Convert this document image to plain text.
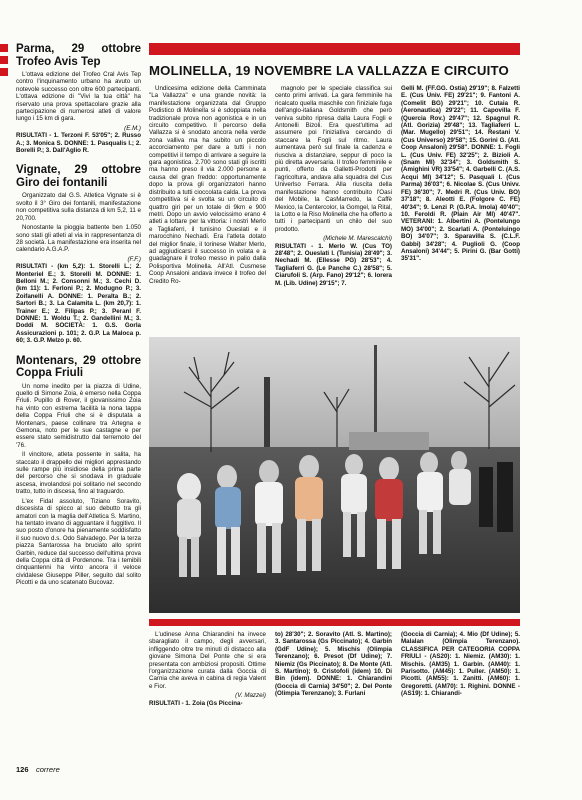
MOLINELLA, 19 NOVEMBRE LA VALLAZZA E CIRCUITO
Parma, 29 ottobre Trofeo Avis Tep

L'ottava edizione del Trofeo Cral Avis Tep contro l'inquinamento urbano ha avuto un notevole successo con oltre 600 partecipanti. L'ottava edizione di "Vivi la tua città" ha riservato una prova spettacolare grazie alla partecipazione di numerosi atleti di valore lungo i 15 km di gara.

(E.M.)

RISULTATI - 1. Terzoni F. 53'05"; 2. Russo A.; 3. Monica S. DONNE: 1. Pasqualis I.; 2. Borelli P.; 3. Dall'Aglio R.

Vignate, 29 ottobre Giro dei fontanili

Organizzato dal G.S. Atletica Vignate si è svolto il 3° Giro dei fontanili, manifestazione non competitiva sulla distanza di km 5,2, 11 e 20,700.

Nonostante la pioggia battente ben 1.050 sono stati gli atleti al via in rappresentanza di 28 società. La manifestazione era inserita nel calendario A.G.A.P.

(F.F.)

RISULTATI - (km 5,2): 1. Storelli L.; 2. Monteriel E.; 3. Storelli M. DONNE: 1. Belloni M.; 2. Consonni M.; 3. Cechi D. (km 11): 1. Ferloni P.; 2. Modugno P.; 3. Zoifanelli A. DONNE: 1. Peralta B.; 2. Sartori B.; 3. La Calamita L. (km 20,7): 1. Trainer E.; 2. Filipas P.; 3. Peranl F. DONNE: 1. Woldu T.; 2. Gandellini M.; 3. Doddi M. SOCIETÀ: 1. G.S. Gorla Assicurazioni p. 101; 2. G.P. La Maloca p. 60; 3. G.P. Melzo p. 60.

Montenars, 29 ottobre Coppa Friuli

Un nome inedito per la piazza di Udine, quello di Simone Zoia, è emerso nella Coppa Friuli. Pupillo di Rover, il giovanissimo Zoia ha vinto con estrema facilità la nona tappa della Coppa Friuli che si è disputata a Montenars, paese collinare tra Artegna e Gemona, noto per le sue castagne e per essere stato semidistrutto dal terremoto del '76.

Il vincitore, atleta possente in salita, ha staccato il drappello dei migliori apprestando sulle rampe più insidiose della prima parte del percorso che si snodava in graduale ascesa, involandosi poi solitario nel secondo tratto, tutto in discesa, fino al traguardo.

L'ex Fidal assoluto, Tiziano Soravito, discesista di spicco al suo debutto tra gli amatori con la maglia dell'Atletica S. Martino, ha tentato invano di agguantare il fuggitivo. Il suo posto d'onore ha pienamente soddisfatto il suo nuovo d.s. Odo Salvadego. Per la terza piazza Santarossa ha bruciato allo sprint Garbin, reduce dal successo dell'ultima prova della Coppa città di Pordenone. Tra i temibili cinquantenni ha vinto ancora il veloce cividalese Giuseppe Piller, seguito dal solito Picotti e da uno scatenato Bucovaz.

Undicesima edizione della Camminata "La Vallazza" e una grande novità: la manifestazione organizzata dal Gruppo Podistico di Molinella si è sdoppiata nella tradizionale prova non agonistica e in un circuito competitivo. Il percorso della Vallazza si è snodato ancora nella verde zona valliva ma ha subito un piccolo accorciamento per dare a tutti i non competitivi il tempo di arrivare a seguire la gara agonistica. 2.700 sono stati gli iscritti ma hanno preso il via 2.000 persone a causa del gran freddo: opportunamente dopo la prova gli organizzatori hanno distribuito a tutti cioccolata calda. La prova competitiva si è svolta su un circuito di quattro giri per un totale di 9km e 900 metri. Dopo un avvio velocissimo erano 4 atleti a lottare per la vittoria: i nostri Merlo e Tagliaferri, il tunisino Oueslati e il marocchino Nechadi. Era l'atleta dotato del miglior finale, il torinese Walter Merlo, ad aggiudicarsi il successo in volata e a guadagnare il trofeo messo in palio dalla Polisportiva Molinella. All'Atl. Cusmese Coop Ansaloni andava invece il trofeo del Credito Ro-

magnolo per le speciale classifica sui cento primi arrivati. La gara femminile ha ricalcato quella maschile con l'iniziale fuga dell'anglo-italiana Goldsmith che però veniva subito ripresa dalla Laura Fogli e Antonelli Bizoli. Era quest'ultima ad assumere poi l'iniziativa cercando di staccare la Fogli sul ritmo. Laura aumentava però sul finale la cadenza e riusciva a distanziare, seppur di poco la più diretta avversaria. Il trofeo femminile e punti, offerto da Galletti-Prodotti per l'agricoltura, andava alla squadra del Cus Univerlso Ferrara. Alla riuscita della manifestazione hanno contribuito l'Oasi del Mobile, la CasMarredo, la Caffè Mexico, la Centercolor, la Gomgel, la Rital, la Lotto e la Riso Molinella che ha offerto a tutti i partecipanti un chilo del suo prodotto.

(Michele M. Marescalchi)

RISULTATI - 1. Merlo W. (Cus TO) 28'48"; 2. Oueslati I. (Tunisia) 28'49"; 3. Nechadi M. (Ellesse PG) 28'53"; 4. Tagliaferri G. (Le Panche C.) 28'58"; 5. Ciarufoli S. (Arp. Fano) 29'12"; 6. Iorera M. (Lib. Udine) 29'15"; 7.

Gelli M. (FF.GG. Ostia) 29'19"; 8. Falzetti E. (Cus Univ. FE) 29'21"; 9. Fantoni A. (Comelit BG) 29'21"; 10. Cutaia R. (Aeronautica) 29'22"; 11. Capovilla F. (Quercia Rov.) 29'47"; 12. Spagnul R. (Atl. Gorizia) 29'48"; 13. Tagliaferri L. (Mar. Mugello) 29'51"; 14. Restani V. (Cus Universo) 29'58"; 15. Gorini G. (Atl. Coop Ansaloni) 29'58". DONNE: 1. Fogli L. (Cus Univ. FE) 32'25"; 2. Bizioli A. (Snam MI) 32'34"; 3. Goldsmith S. (Amighini VR) 33'54"; 4. Garbelli C. (A.S. Acqui MI) 34'12"; 5. Pasquali I. (Cus Parma) 36'03"; 6. Nicolae S. (Cus Univv. FE) 36'30"; 7. Medri R. (Cus Univ. BO) 37'18"; 8. Aleotti E. (Folgore C. FE) 40'34"; 9. Lenzi P. (G.P.A. Imola) 40'40"; 10. Feroldi R. (Plain Air MI) 40'47". VETERANI: 1. Albertini A. (Pontelungo MO) 34'00"; 2. Scarlati A. (Ponteluingo BO) 34'07"; 3. Sparavilla S. (C.L.F. Gabbi) 34'28"; 4. Puglioli G. (Coop Ansaloni) 34'44"; 5. Pirini G. (Bar Gotti) 35'31".

L'udinese Anna Chiarandini ha invece sbaragliato il campo, degli avversari, infliggendo oltre tre minuti di distacco alla giovane Simona Del Ponte che si era presentata con ambiziosi propositi. Ottime l'organizzazione curata dalla Goccia di Carnia che aveva in cabina di regia Valent e Fior.

(V. Mazzei)

RISULTATI - 1. Zoia (Gs Piccina-

to) 28'30"; 2. Soravito (Atl. S. Martino); 3. Santarossa (Gs Piccinato); 4. Garbin (GdF Udine); 5. Mischis (Olimpia Terenzano); 6. Presot (Df Udine); 7. Niemiz (Gs Piccinato); 8. De Monte (Atl. S. Martino); 9. Cristofoli (idem) 10. Di Bin (idem). DONNE: 1. Chiarandini (Goccia di Carnia) 34'50"; 2. Del Ponte (Olimpia Terenzano); 3. Furlani

(Goccia di Carnia); 4. Mio (Df Udine); 5. Malalan (Olimpia Terenzano). CLASSIFICA PER CATEGORIA COPPA FRIULI - (AS20): 1. Niemiz. (AM30): 1. Mischis. (AM35) 1. Garbin. (AM40): 1. Parisotto. (AM45): 1. Puller. (AM50): 1. Picotti. (AM55): 1. Zanitti. (AM60): 1. Gregoretti. (AM70): 1. Righini. DONNE - (AS19): 1. Chiarandi-

126 correre
